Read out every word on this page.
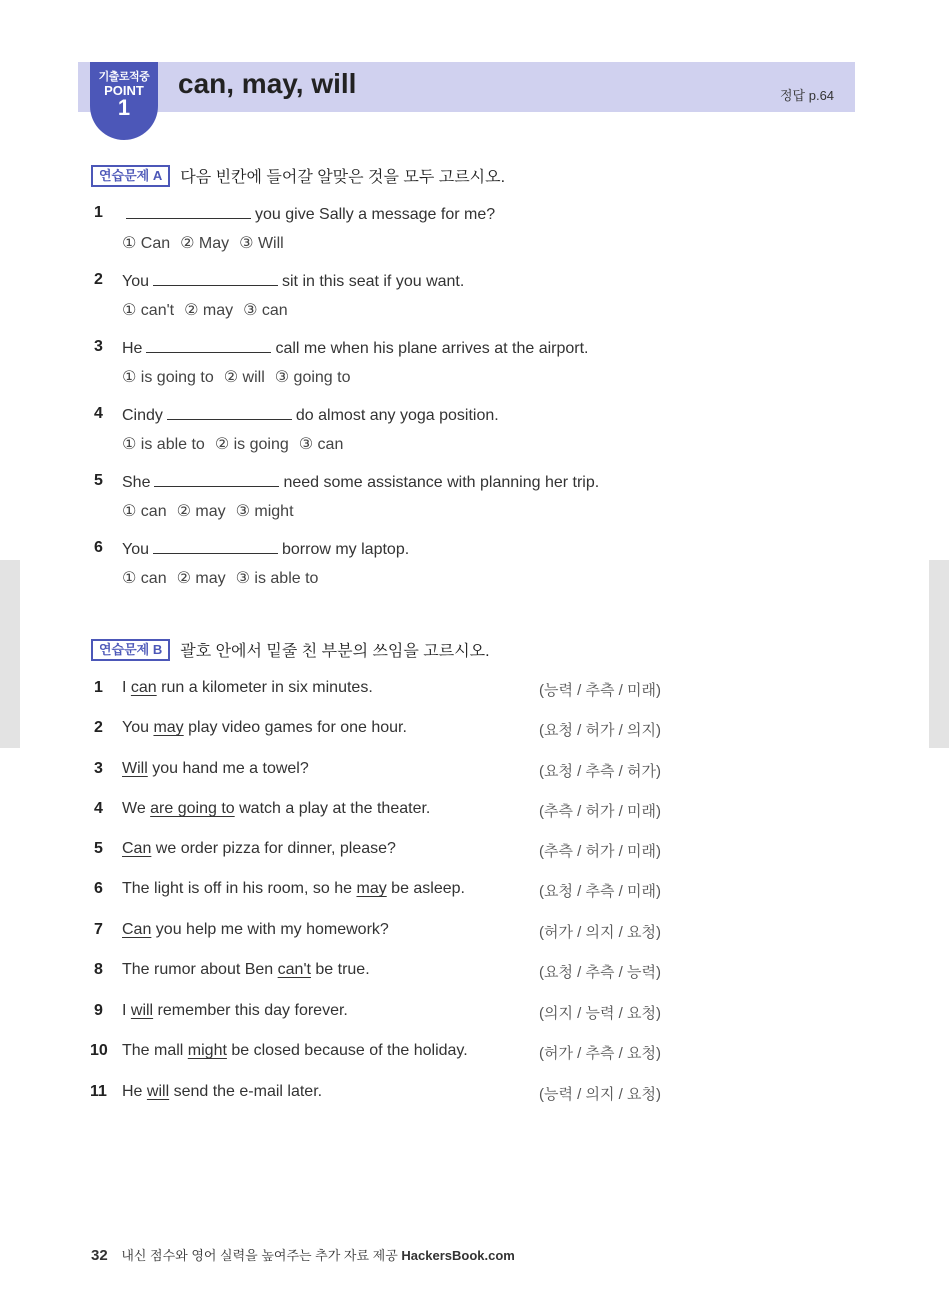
기출로적중
POINT
1
can, may, will	정답 p.64
연습문제 A	다음 빈칸에 들어갈 알맞은 것을 모두 고르시오.
1	you give Sally a message for me?
① Can ② May ③ Will
2 You	sit in this seat if you want.
① can't ② may ③ can
3 He	call me when his plane arrives at the airport.
① is going to ② will ③ going to
4 Cindy	do almost any yoga position.
① is able to ② is going ③ can
5 She	need some assistance with planning her trip.
① can ② may ③ might
6 You	borrow my laptop.
① can ② may ③ is able to
연습문제 B	괄호 안에서 밑줄 친 부분의 쓰임을 고르시오.
1 I can run a kilometer in six minutes.	(능력 / 추측 / 미래)
2 You may play video games for one hour.	(요청 / 허가 / 의지)
3 Will you hand me a towel?	(요청 / 추측 / 허가)
4 We are going to watch a play at the theater.	(추측 / 허가 / 미래)
5 Can we order pizza for dinner, please?	(추측 / 허가 / 미래)
6 The light is off in his room, so he may be asleep.	(요청 / 추측 / 미래)
7 Can you help me with my homework?	(허가 / 의지 / 요청)
8 The rumor about Ben can't be true.	(요청 / 추측 / 능력)
9 I will remember this day forever.	(의지 / 능력 / 요청)
10 The mall might be closed because of the holiday.	(허가 / 추측 / 요청)
11 He will send the e-mail later.	(능력 / 의지 / 요청)
32 내신 점수와 영어 실력을 높여주는 추가 자료 제공 HackersBook.com
